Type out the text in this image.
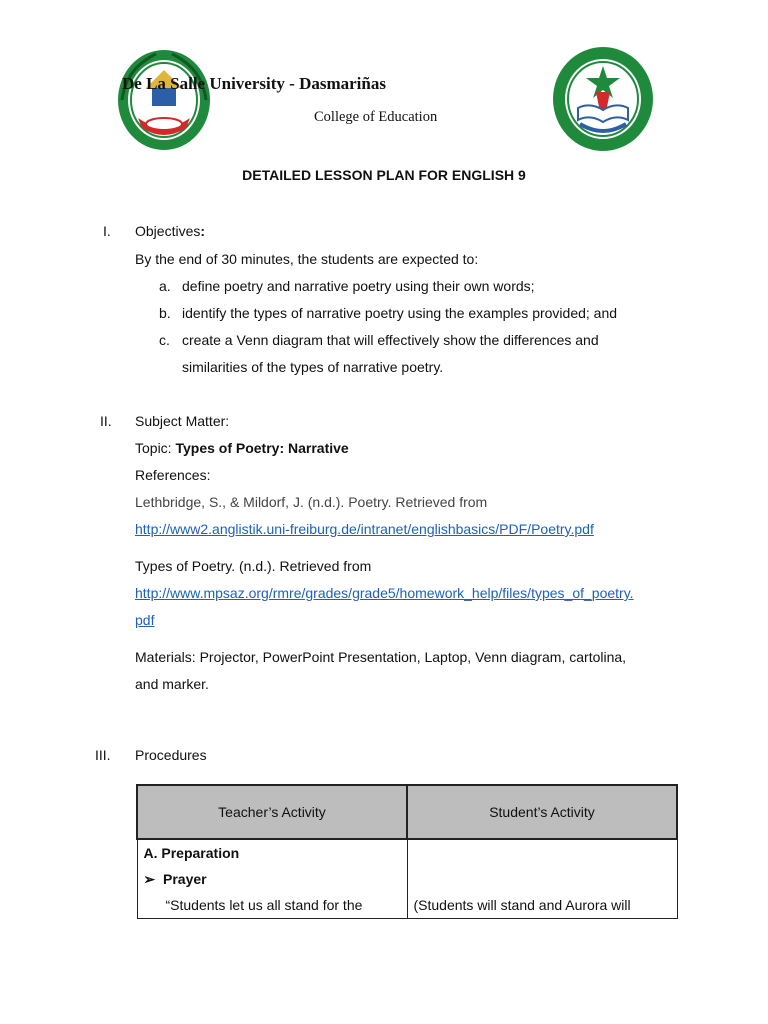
De La Salle University - Dasmariñas
College of Education
DETAILED LESSON PLAN FOR ENGLISH 9
I. Objectives:
By the end of 30 minutes, the students are expected to:
a. define poetry and narrative poetry using their own words;
b. identify the types of narrative poetry using the examples provided; and
c. create a Venn diagram that will effectively show the differences and
similarities of the types of narrative poetry.
II. Subject Matter:
Topic: Types of Poetry: Narrative
References:
Lethbridge, S., & Mildorf, J. (n.d.). Poetry. Retrieved from
http://www2.anglistik.uni-freiburg.de/intranet/englishbasics/PDF/Poetry.pdf
Types of Poetry. (n.d.). Retrieved from
http://www.mpsaz.org/rmre/grades/grade5/homework_help/files/types_of_poetry.
pdf
Materials: Projector, PowerPoint Presentation, Laptop, Venn diagram, cartolina,
and marker.
III. Procedures
Teacher’s Activity	Student’s Activity

A. Preparation
➢ Prayer
“Students let us all stand for the	(Students will stand and Aurora will
